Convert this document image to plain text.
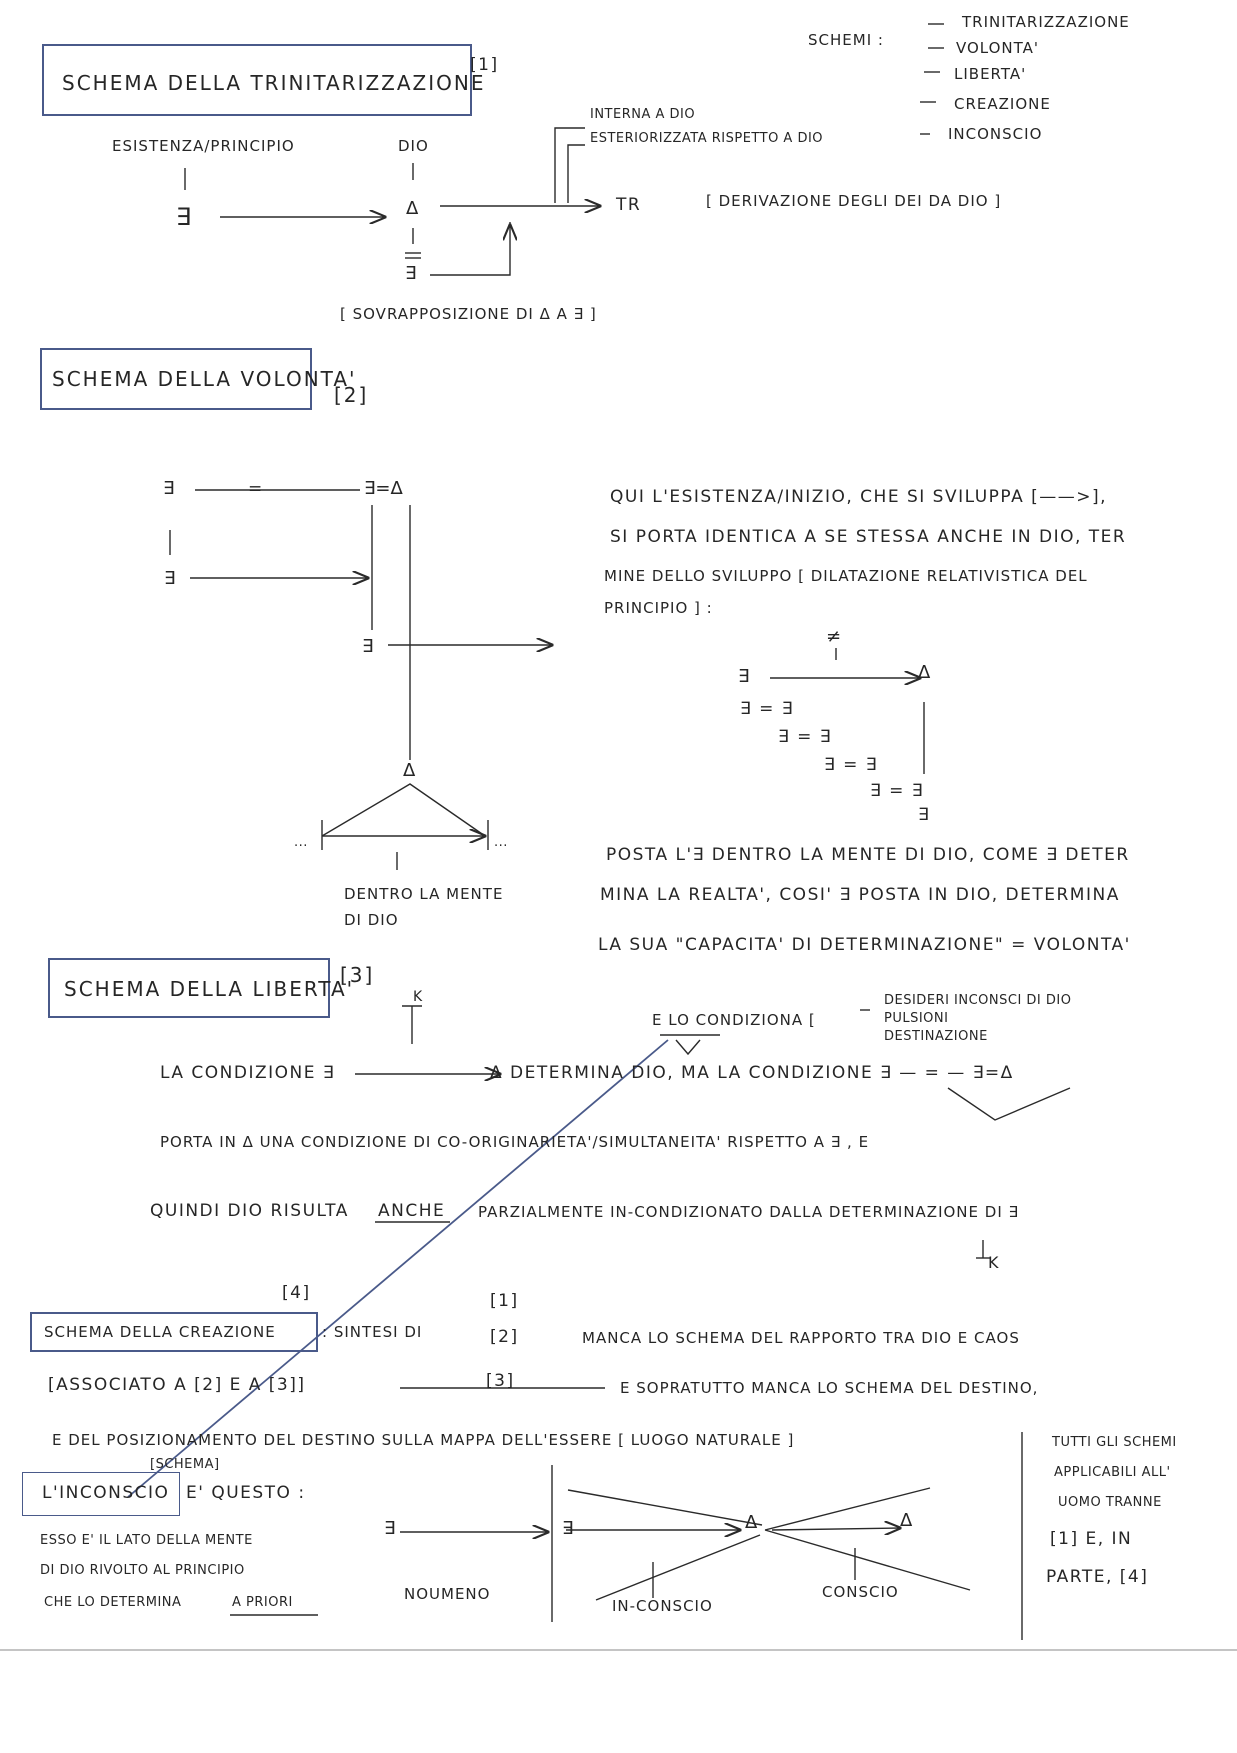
SCHEMI :
TRINITARIZZAZIONE
VOLONTA'
LIBERTA'
CREAZIONE
INCONSCIO
SCHEMA DELLA TRINITARIZZAZIONE
[1]
ESISTENZA/PRINCIPIO	DIO
∃	Δ
∃
INTERNA A DIO
ESTERIORIZZATA RISPETTO A DIO
TR	[ DERIVAZIONE DEGLI DEI DA DIO ]
[ SOVRAPPOSIZIONE DI Δ A ∃ ]
SCHEMA DELLA VOLONTA'
[2]
∃	=	∃=Δ
∃
∃
Δ
...	...
DENTRO LA MENTE
DI DIO
QUI L'ESISTENZA/INIZIO, CHE SI SVILUPPA [——>],
SI PORTA IDENTICA A SE STESSA ANCHE IN DIO, TER
MINE DELLO SVILUPPO [ DILATAZIONE RELATIVISTICA DEL
PRINCIPIO ] :
≠
∃	Δ
∃ = ∃
∃ = ∃
∃ = ∃
∃ = ∃
∃
POSTA L'∃ DENTRO LA MENTE DI DIO, COME ∃ DETER
MINA LA REALTA', COSI' ∃ POSTA IN DIO, DETERMINA
LA SUA "CAPACITA' DI DETERMINAZIONE" = VOLONTA'
SCHEMA DELLA LIBERTA'
[3]
K
E LO CONDIZIONA [
DESIDERI INCONSCI DI DIO
PULSIONI
DESTINAZIONE
LA CONDIZIONE ∃	Δ DETERMINA DIO, MA LA CONDIZIONE ∃ — = — ∃=Δ
PORTA IN Δ UNA CONDIZIONE DI CO-ORIGINARIETA'/SIMULTANEITA' RISPETTO A ∃ , E
QUINDI DIO RISULTA ANCHE PARZIALMENTE IN-CONDIZIONATO DALLA DETERMINAZIONE DI ∃
K
[4]
SCHEMA DELLA CREAZIONE	: SINTESI DI
[1]
[2]
[3]
MANCA LO SCHEMA DEL RAPPORTO TRA DIO E CAOS
[ASSOCIATO A [2] E A [3]]	E SOPRATUTTO MANCA LO SCHEMA DEL DESTINO,
E DEL POSIZIONAMENTO DEL DESTINO SULLA MAPPA DELL'ESSERE [ LUOGO NATURALE ]
[SCHEMA]
L'INCONSCIO E' QUESTO :
ESSO E' IL LATO DELLA MENTE
DI DIO RIVOLTO AL PRINCIPIO
CHE LO DETERMINA	A PRIORI
∃
NOUMENO
∃	Δ	Δ
IN-CONSCIO
CONSCIO
TUTTI GLI SCHEMI
APPLICABILI ALL'
UOMO TRANNE
[1] E, IN
PARTE, [4]
